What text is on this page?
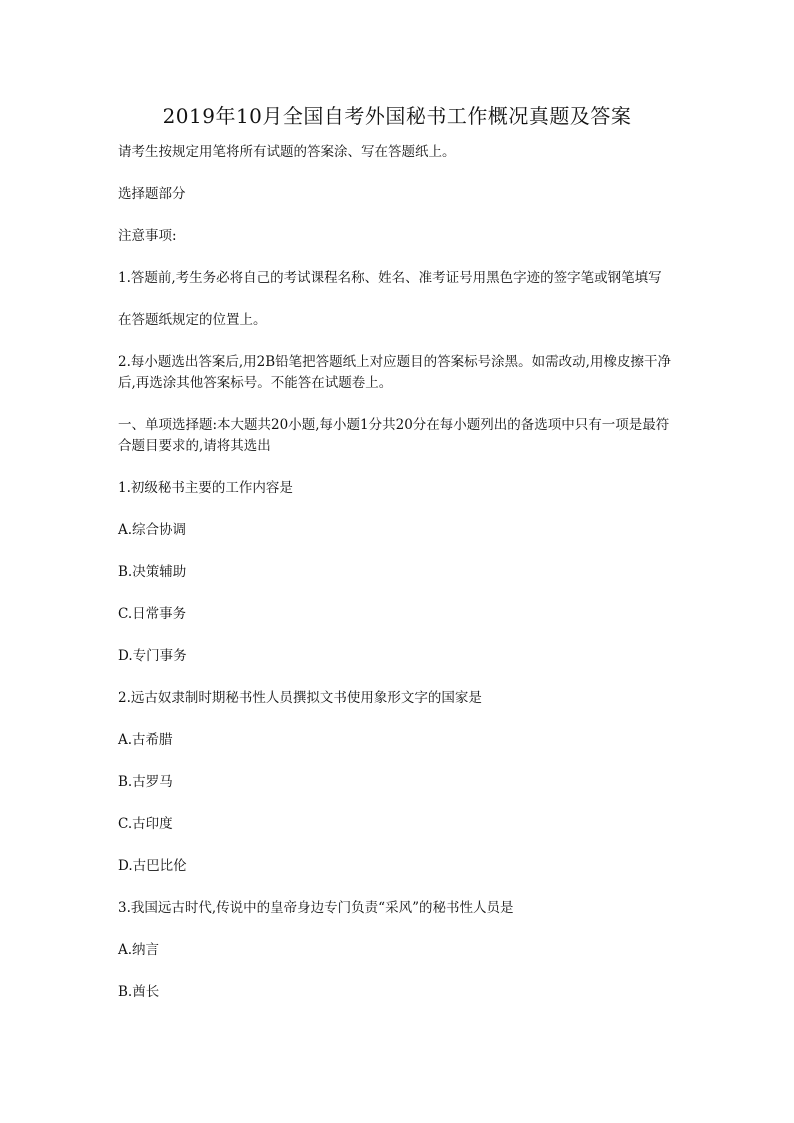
2019年10月全国自考外国秘书工作概况真题及答案

请考生按规定用笔将所有试题的答案涂、写在答题纸上。

选择题部分

注意事项:

1.答题前,考生务必将自己的考试课程名称、姓名、准考证号用黑色字迹的签字笔或钢笔填写

在答题纸规定的位置上。

2.每小题选出答案后,用2B铅笔把答题纸上对应题目的答案标号涂黑。如需改动,用橡皮擦干净后,再选涂其他答案标号。不能答在试题卷上。

一、单项选择题:本大题共20小题,每小题1分共20分在每小题列出的备选项中只有一项是最符合题目要求的,请将其选出

1.初级秘书主要的工作内容是

A.综合协调

B.决策辅助

C.日常事务

D.专门事务

2.远古奴隶制时期秘书性人员撰拟文书使用象形文字的国家是

A.古希腊

B.古罗马

C.古印度

D.古巴比伦

3.我国远古时代,传说中的皇帝身边专门负责“采风”的秘书性人员是

A.纳言

B.酋长
